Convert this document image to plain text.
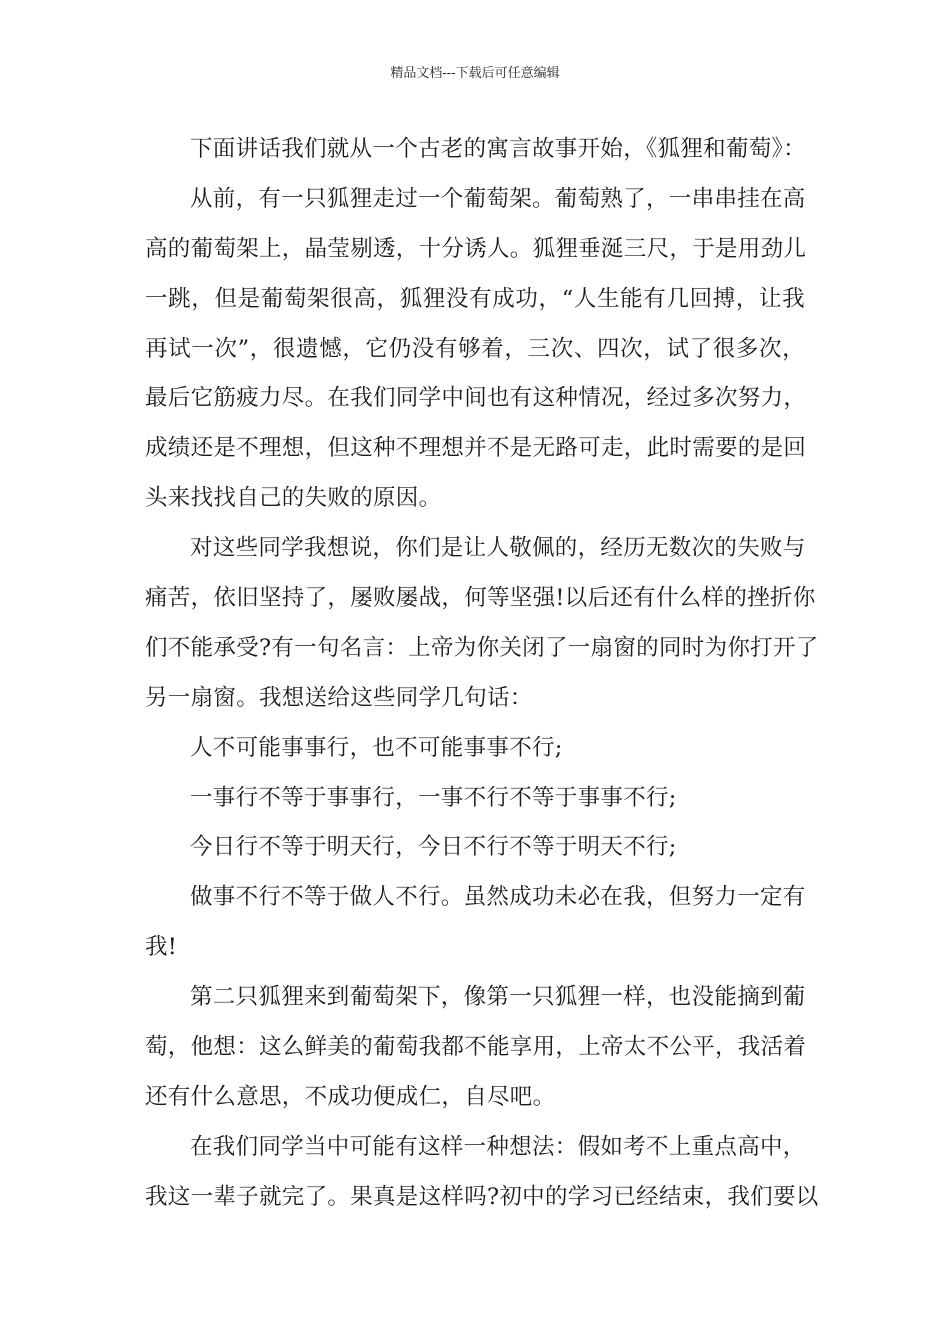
精品文档---下载后可任意编辑
下面讲话我们就从一个古老的寓言故事开始，《狐狸和葡萄》：
从前，有一只狐狸走过一个葡萄架。葡萄熟了，一串串挂在高
高的葡萄架上，晶莹剔透，十分诱人。狐狸垂涎三尺，于是用劲儿
一跳，但是葡萄架很高，狐狸没有成功，“人生能有几回搏，让我
再试一次”，很遗憾，它仍没有够着，三次、四次，试了很多次，
最后它筋疲力尽。在我们同学中间也有这种情况，经过多次努力，
成绩还是不理想，但这种不理想并不是无路可走，此时需要的是回
头来找找自己的失败的原因。
对这些同学我想说，你们是让人敬佩的，经历无数次的失败与
痛苦，依旧坚持了，屡败屡战，何等坚强!以后还有什么样的挫折你
们不能承受?有一句名言：上帝为你关闭了一扇窗的同时为你打开了
另一扇窗。我想送给这些同学几句话：
人不可能事事行，也不可能事事不行;
一事行不等于事事行，一事不行不等于事事不行;
今日行不等于明天行，今日不行不等于明天不行;
做事不行不等于做人不行。虽然成功未必在我，但努力一定有
我!
第二只狐狸来到葡萄架下，像第一只狐狸一样，也没能摘到葡
萄，他想：这么鲜美的葡萄我都不能享用，上帝太不公平，我活着
还有什么意思，不成功便成仁，自尽吧。
在我们同学当中可能有这样一种想法：假如考不上重点高中，
我这一辈子就完了。果真是这样吗?初中的学习已经结束，我们要以
